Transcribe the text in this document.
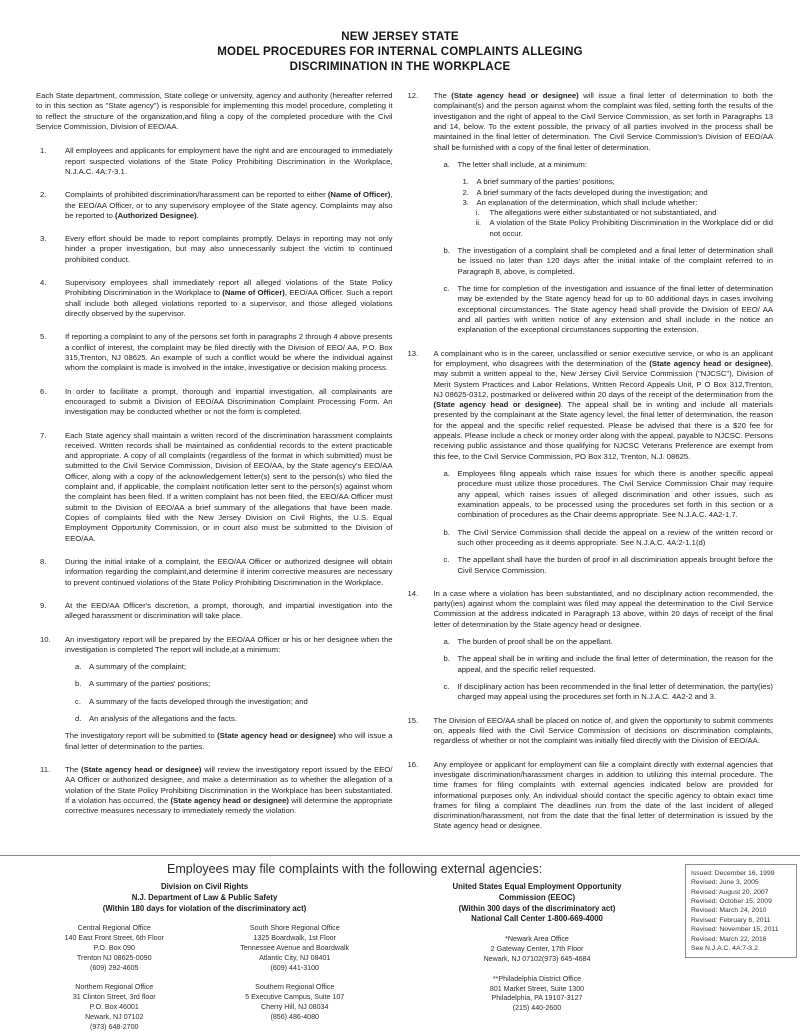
NEW JERSEY STATE
MODEL PROCEDURES FOR INTERNAL COMPLAINTS ALLEGING
DISCRIMINATION IN THE WORKPLACE

Each State department, commission, State college or university, agency and authority (hereafter referred to in this section as "State agency") is responsible for implementing this model procedure, completing it to reflect the structure of the organization,and filing a copy of the completed procedure with the Civil Service Commission, Division of EEO/AA.

1.	All employees and applicants for employment have the right and are encouraged to immediately report suspected violations of the State Policy Prohibiting Discrimination in the Workplace, N.J.A.C. 4A:7-3.1.
2.	Complaints of prohibited discrimination/harassment can be reported to either (Name of Officer), the EEO/AA Officer, or to any supervisory employee of the State agency. Complaints may also be reported to (Authorized Designee).
3.	Every effort should be made to report complaints promptly. Delays in reporting may not only hinder a proper investigation, but may also unnecessarily subject the victim to continued prohibited conduct.
4.	Supervisory employees shall immediately report all alleged violations of the State Policy Prohibiting Discrimination in the Workplace to (Name of Officer), EEO/AA Officer. Such a report shall include both alleged violations reported to a supervisor, and those alleged violations directly observed by the supervisor.
5.	If reporting a complaint to any of the persons set forth in paragraphs 2 through 4 above presents a conflict of interest, the complaint may be filed directly with the Division of EEO/ AA, P.O. Box 315,Trenton, NJ 08625. An example of such a conflict would be where the individual against whom the complaint is made is involved in the intake, investigative or decision making process.
6.	In order to facilitate a prompt, thorough and impartial investigation, all complainants are encouraged to submit a Division of EEO/AA Discrimination Complaint Processing Form. An investigation may be conducted whether or not the form is completed.
7.	Each State agency shall maintain a written record of the discrimination harassment complaints received. Written records shall be maintained as confidential records to the extent practicable and appropriate. A copy of all complaints (regardless of the format in which submitted) must be submitted to the Civil Service Commission, Division of EEO/AA, by the State agency's EEO/AA Officer, along with a copy of the acknowledgement letter(s) sent to the person(s) who filed the complaint and, if applicable, the complaint notification letter sent to the person(s) against whom the complaint has been filed. If a written complaint has not been filed, the EEO/AA Officer must submit to the Division of EEO/AA a brief summary of the allegations that have been made. Copies of complaints filed with the New Jersey Division on Civil Rights, the U.S. Equal Employment Opportunity Commission, or in court also must be submitted to the Division of EEO/AA.
8.	During the initial intake of a complaint, the EEO/AA Officer or authorized designee will obtain information regarding the complaint,and determine if interim corrective measures are necessary to prevent continued violations of the State Policy Prohibiting Discrimination in the Workplace.
9.	At the EEO/AA Officer's discretion, a prompt, thorough, and impartial investigation into the alleged harassment or discrimination will take place.
10.	An investigatory report will be prepared by the EEO/AA Officer or his or her designee when the investigation is completed The report will include,at a minimum:
a. A summary of the complaint;
b. A summary of the parties' positions;
c.	A summary of the facts developed through the investigation; and
d. An analysis of the allegations and the facts.
The investigatory report will be submitted to (State agency head or designee) who will issue a final letter of determination to the parties.
11.	The (State agency head or designee) will review the investigatory report issued by the EEO/ AA Officer or authorized designee, and make a determination as to whether the allegation of a violation of the State Policy Prohibiting Discrimination in the Workplace has been substantiated. If a violation has occurred, the (State agency head or designee) will determine the appropriate corrective measures necessary to immediately remedy the violation.
12.	The (State agency head or designee) will issue a final letter of determination to both the complainant(s) and the person against whom the complaint was filed, setting forth the results of the investigation and the right of appeal to the Civil Service Commission, as set forth in Paragraphs 13 and 14, below. To the extent possible, the privacy of all parties involved in the process shall be maintained in the final letter of determination. The Civil Service Commission's Division of EEO/AA shall be furnished with a copy of the final letter of determination.
a. The letter shall include, at a minimum:
1. A brief summary of the parties' positions;
2. A brief summary of the facts developed during the investigation; and
3. An explanation of the determination, which shall include whether:
i.	The allegations were either substantiated or not substantiated, and
ii.	A violation of the State Policy Prohibiting Discrimination in the Workplace did or did not occur.
b. The investigation of a complaint shall be completed and a final letter of determination shall be issued no later than 120 days after the initial intake of the complaint referred to in Paragraph 8, above, is completed.
c.	The time for completion of the investigation and issuance of the final letter of determination may be extended by the State agency head for up to 60 additional days in cases involving exceptional circumstances. The State agency head shall provide the Division of EEO/ AA and all parties with written notice of any extension and shall include in the notice an explanation of the exceptional circumstances supporting the extension.
13.	A complainant who is in the career, unclassified or senior executive service, or who is an applicant for employment, who disagrees with the determination of the (State agency head or designee), may submit a written appeal to the, New Jersey Civil Service Commission ("NJCSC"), Division of Merit System Practices and Labor Relations, Written Record Appeals Unit, P O Box 312,Trenton, NJ 08625-0312, postmarked or delivered within 20 days of the receipt of the determination from the (State agency head or designee). The appeal shall be in writing and include all materials presented by the complainant at the State agency level, the final letter of determination, the reason for the appeal and the specific relief requested. Please be advised that there is a $20 fee for appeals. Please include a check or money order along with the appeal, payable to NJCSC. Persons receiving public assistance and those qualifying for NJCSC Veterans Preference are exempt from this fee, to the Civil Service Commission, PO Box 312, Trenton, N.J. 08625.
a. Employees filing appeals which raise issues for which there is another specific appeal procedure must utilize those procedures. The Civil Service Commission Chair may require any appeal, which raises issues of alleged discrimination and other issues, such as examination appeals, to be processed using the procedures set forth in this section or a combination of procedures as the Chair deems appropriate. See N.J.A.C. 4A2-1.7.
b. The Civil Service Commission shall decide the appeal on a review of the written record or such other proceeding as it deems appropriate. See N.J.A.C. 4A:2-1.1(d)
c.	The appellant shall have the burden of proof in all discrimination appeals brought before the Civil Service Commission.
14.	In a case where a violation has been substantiated, and no disciplinary action recommended, the party(ies) against whom the complaint was filed may appeal the determination to the Civil Service Commission at the address indicated in Paragraph 13 above, within 20 days of receipt of the final letter of determination by the State agency head or designee.
a. The burden of proof shall be on the appellant.
b. The appeal shall be in writing and include the final letter of determination, the reason for the appeal, and the specific relief requested.
c.	If disciplinary action has been recommended in the final letter of determination, the party(ies) charged may appeal using the procedures set forth in N.J.A.C. 4A2-2 and 3.
15.	The Division of EEO/AA shall be placed on notice of, and given the opportunity to submit comments on, appeals filed with the Civil Service Commission of decisions on discrimination complaints, regardless of whether or not the complaint was initially filed directly with the Division of EEO/AA.
16.	Any employee or applicant for employment can file a complaint directly with external agencies that investigate discrimination/harassment charges in addition to utilizing this internal procedure. The time frames for filing complaints with external agencies indicated below are provided for informational purposes only. An individual should contact the specific agency to obtain exact time frames for filing a complaint The deadlines run from the date of the last incident of alleged discrimination/harassment, not from the date that the final letter of determination is issued by the State agency head or designee.

Employees may file complaints with the following external agencies:

Division on Civil Rights
N.J. Department of Law & Public Safety
(Within 180 days for violation of the discriminatory act)
Central Regional Office
140 East Front Street, 6th Floor
P.O. Box 090
Trenton NJ 08625-0090
(609) 292-4605
South Shore Regional Office
1325 Boardwalk, 1st Floor
Tennessee Avenue and Boardwalk
Atlantic City, NJ 08401
(609) 441-3100
Northern Regional Office
31 Clinton Street, 3rd floor
P.O. Box 46001
Newark, NJ 07102
(973) 648-2700
Southern Regional Office
5 Executive Campus, Suite 107
Cherry Hill, NJ 08034
(856) 486-4080
United States Equal Employment Opportunity
Commission (EEOC)
(Within 300 days of the discriminatory act)
National Call Center 1-800-669-4000
*Newark Area Office
2 Gateway Center, 17th Floor
Newark, NJ 07102(973) 645-4684
**Philadelphia District Office
801 Market Street, Suite 1300
Philadelphia, PA 19107-3127
(215) 440-2600
Issued: December 16, 1999
Revised: June 3, 2005
Revised: August 20, 2007
Revised: October 15, 2009
Revised: March 24, 2010
Revised: February 8, 2011
Revised: November 15, 2011
Revised: March 22, 2016
See N.J.A.C. 4A:7-3.2
